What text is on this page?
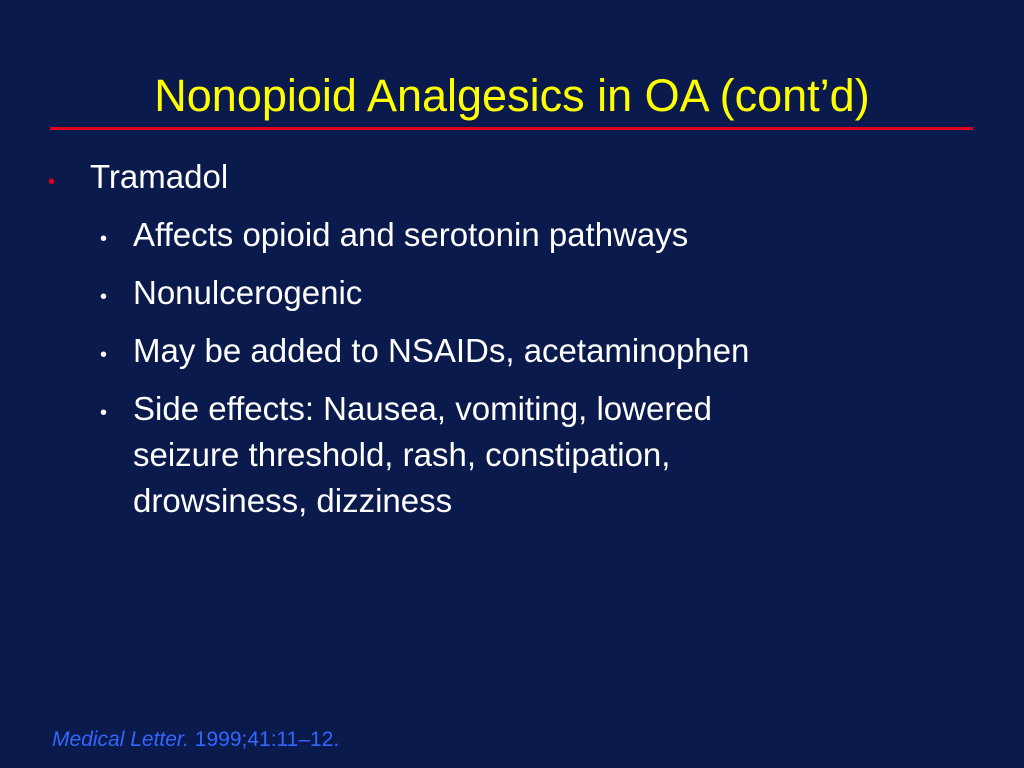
Nonopioid Analgesics in OA (cont’d)
• Tramadol
• Affects opioid and serotonin pathways
• Nonulcerogenic
• May be added to NSAIDs, acetaminophen
• Side effects: Nausea, vomiting, lowered
seizure threshold, rash, constipation,
drowsiness, dizziness
Medical Letter. 1999;41:11–12.
